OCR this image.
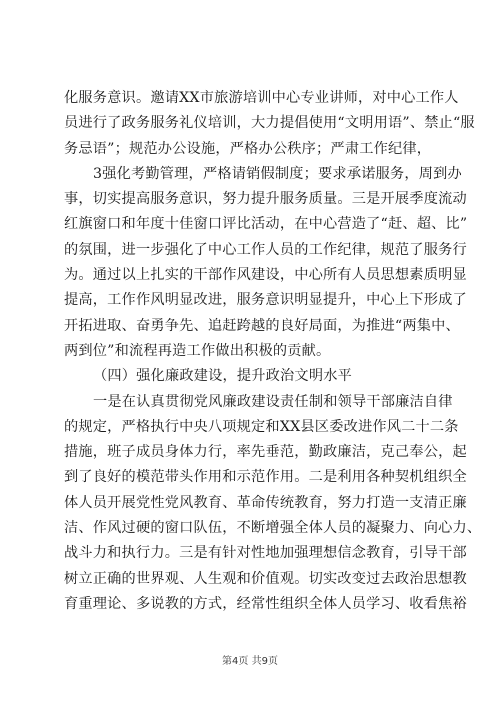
化服务意识。邀请XX市旅游培训中心专业讲师，对中心工作人
员进行了政务服务礼仪培训，大力提倡使用“文明用语”、禁止“服
务忌语”；规范办公设施，严格办公秩序；严肃工作纪律，
3强化考勤管理，严格请销假制度；要求承诺服务，周到办
事，切实提高服务意识，努力提升服务质量。三是开展季度流动
红旗窗口和年度十佳窗口评比活动，在中心营造了“赶、超、比”
的氛围，进一步强化了中心工作人员的工作纪律，规范了服务行
为。通过以上扎实的干部作风建设，中心所有人员思想素质明显
提高，工作作风明显改进，服务意识明显提升，中心上下形成了
开拓进取、奋勇争先、追赶跨越的良好局面，为推进“两集中、
两到位”和流程再造工作做出积极的贡献。
（四）强化廉政建设，提升政治文明水平
一是在认真贯彻党风廉政建设责任制和领导干部廉洁自律
的规定，严格执行中央八项规定和XX县区委改进作风二十二条
措施，班子成员身体力行，率先垂范，勤政廉洁，克己奉公，起
到了良好的模范带头作用和示范作用。二是利用各种契机组织全
体人员开展党性党风教育、革命传统教育，努力打造一支清正廉
洁、作风过硬的窗口队伍，不断增强全体人员的凝聚力、向心力、
战斗力和执行力。三是有针对性地加强理想信念教育，引导干部
树立正确的世界观、人生观和价值观。切实改变过去政治思想教
育重理论、多说教的方式，经常性组织全体人员学习、收看焦裕
第4页 共9页
